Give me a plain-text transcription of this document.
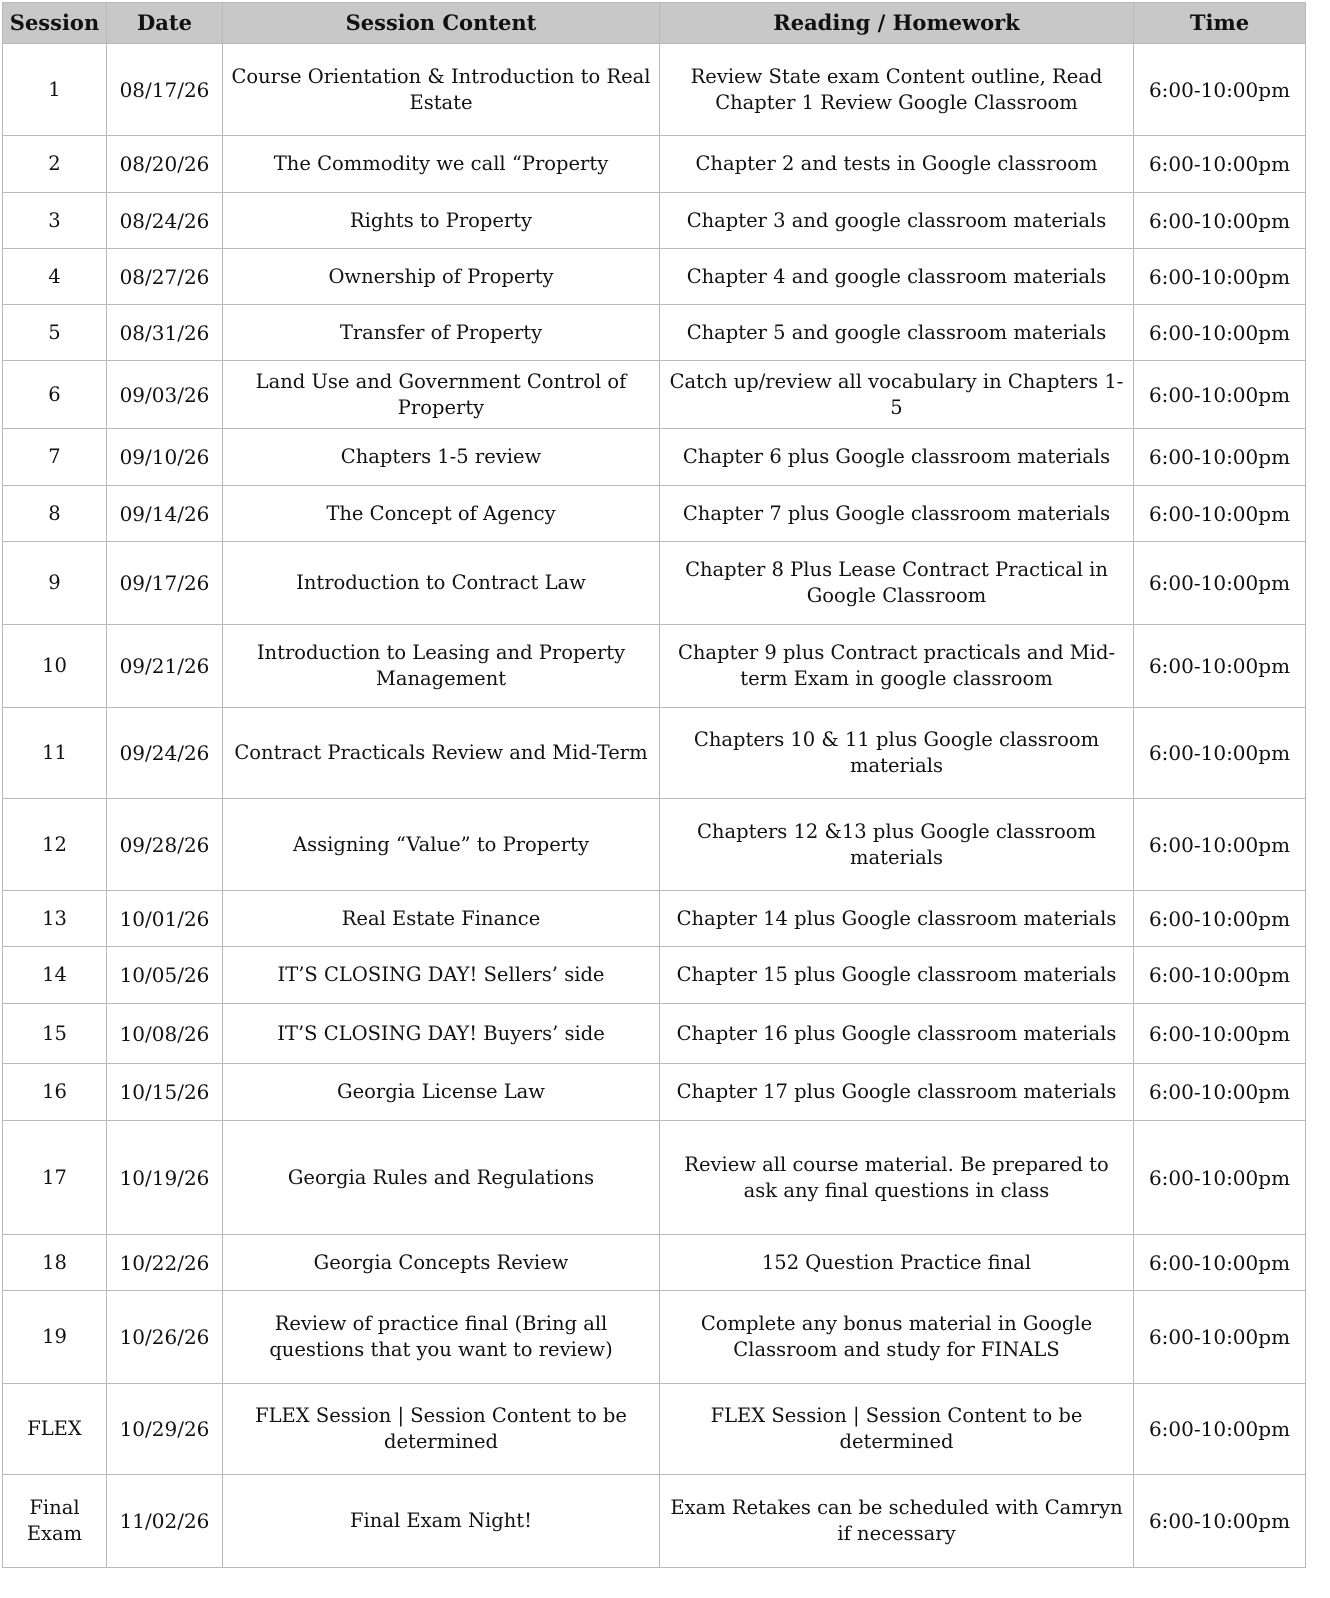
Session	Date	Session Content	Reading / Homework	Time
1	08/17/26	Course Orientation & Introduction to Real Estate	Review State exam Content outline, Read Chapter 1 Review Google Classroom	6:00-10:00pm
2	08/20/26	The Commodity we call “Property	Chapter 2 and tests in Google classroom	6:00-10:00pm
3	08/24/26	Rights to Property	Chapter 3 and google classroom materials	6:00-10:00pm
4	08/27/26	Ownership of Property	Chapter 4 and google classroom materials	6:00-10:00pm
5	08/31/26	Transfer of Property	Chapter 5 and google classroom materials	6:00-10:00pm
6	09/03/26	Land Use and Government Control of Property	Catch up/review all vocabulary in Chapters 1-5	6:00-10:00pm
7	09/10/26	Chapters 1-5 review	Chapter 6 plus Google classroom materials	6:00-10:00pm
8	09/14/26	The Concept of Agency	Chapter 7 plus Google classroom materials	6:00-10:00pm
9	09/17/26	Introduction to Contract Law	Chapter 8 Plus Lease Contract Practical in Google Classroom	6:00-10:00pm
10	09/21/26	Introduction to Leasing and Property Management	Chapter 9 plus Contract practicals and Mid-term Exam in google classroom	6:00-10:00pm
11	09/24/26	Contract Practicals Review and Mid-Term	Chapters 10 & 11 plus Google classroom materials	6:00-10:00pm
12	09/28/26	Assigning “Value” to Property	Chapters 12 &13 plus Google classroom materials	6:00-10:00pm
13	10/01/26	Real Estate Finance	Chapter 14 plus Google classroom materials	6:00-10:00pm
14	10/05/26	IT’S CLOSING DAY! Sellers’ side	Chapter 15 plus Google classroom materials	6:00-10:00pm
15	10/08/26	IT’S CLOSING DAY! Buyers’ side	Chapter 16 plus Google classroom materials	6:00-10:00pm
16	10/15/26	Georgia License Law	Chapter 17 plus Google classroom materials	6:00-10:00pm
17	10/19/26	Georgia Rules and Regulations	Review all course material. Be prepared to ask any final questions in class	6:00-10:00pm
18	10/22/26	Georgia Concepts Review	152 Question Practice final	6:00-10:00pm
19	10/26/26	Review of practice final (Bring all questions that you want to review)	Complete any bonus material in Google Classroom and study for FINALS	6:00-10:00pm
FLEX	10/29/26	FLEX Session | Session Content to be determined	FLEX Session | Session Content to be determined	6:00-10:00pm
Final Exam	11/02/26	Final Exam Night!	Exam Retakes can be scheduled with Camryn if necessary	6:00-10:00pm
